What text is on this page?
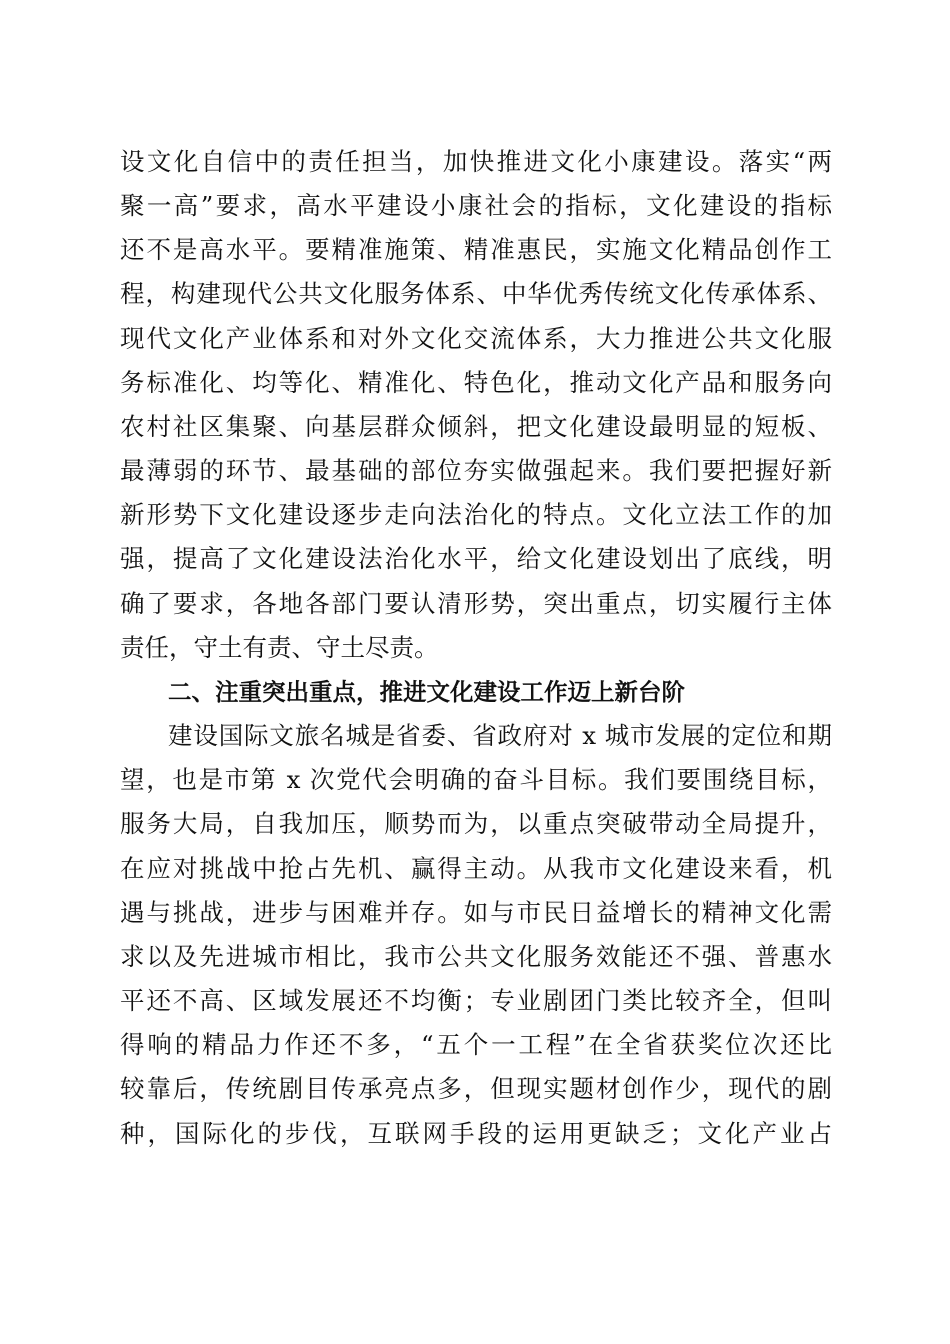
设文化自信中的责任担当，加快推进文化小康建设。落实“两
聚一高”要求，高水平建设小康社会的指标，文化建设的指标
还不是高水平。要精准施策、精准惠民，实施文化精品创作工
程，构建现代公共文化服务体系、中华优秀传统文化传承体系、
现代文化产业体系和对外文化交流体系，大力推进公共文化服
务标准化、均等化、精准化、特色化，推动文化产品和服务向
农村社区集聚、向基层群众倾斜，把文化建设最明显的短板、
最薄弱的环节、最基础的部位夯实做强起来。我们要把握好新
新形势下文化建设逐步走向法治化的特点。文化立法工作的加
强，提高了文化建设法治化水平，给文化建设划出了底线，明
确了要求，各地各部门要认清形势，突出重点，切实履行主体
责任，守土有责、守土尽责。
二、注重突出重点，推进文化建设工作迈上新台阶
建设国际文旅名城是省委、省政府对 x 城市发展的定位和期
望，也是市第 x 次党代会明确的奋斗目标。我们要围绕目标，
服务大局，自我加压，顺势而为，以重点突破带动全局提升，
在应对挑战中抢占先机、赢得主动。从我市文化建设来看，机
遇与挑战，进步与困难并存。如与市民日益增长的精神文化需
求以及先进城市相比，我市公共文化服务效能还不强、普惠水
平还不高、区域发展还不均衡；专业剧团门类比较齐全，但叫
得响的精品力作还不多，“五个一工程”在全省获奖位次还比
较靠后，传统剧目传承亮点多，但现实题材创作少，现代的剧
种，国际化的步伐，互联网手段的运用更缺乏；文化产业占
